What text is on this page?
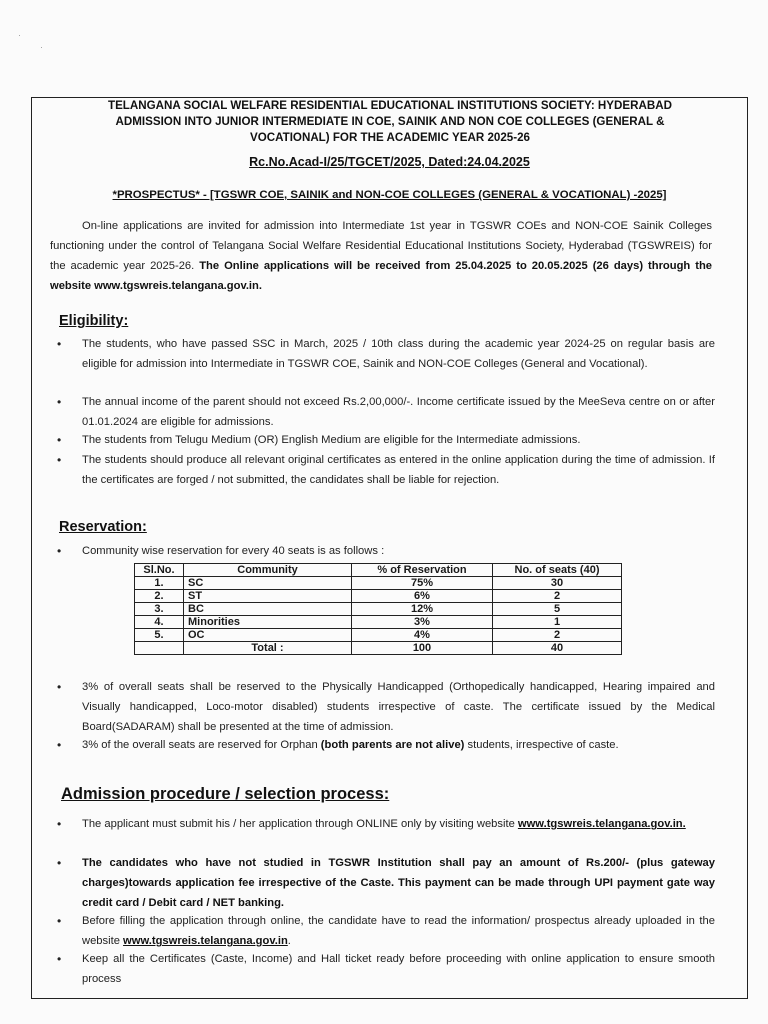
·
·
TELANGANA SOCIAL WELFARE RESIDENTIAL EDUCATIONAL INSTITUTIONS SOCIETY: HYDERABAD
ADMISSION INTO JUNIOR INTERMEDIATE IN COE, SAINIK AND NON COE COLLEGES (GENERAL &
VOCATIONAL) FOR THE ACADEMIC YEAR 2025-26
Rc.No.Acad-I/25/TGCET/2025, Dated:24.04.2025
*PROSPECTUS* - [TGSWR COE, SAINIK and NON-COE COLLEGES (GENERAL & VOCATIONAL) -2025]
On-line applications are invited for admission into Intermediate 1st year in TGSWR COEs and NON-COE Sainik Colleges functioning under the control of Telangana Social Welfare Residential Educational Institutions Society, Hyderabad (TGSWREIS) for the academic year 2025-26. The Online applications will be received from 25.04.2025 to 20.05.2025 (26 days) through the website www.tgswreis.telangana.gov.in.
Eligibility:
• The students, who have passed SSC in March, 2025 / 10th class during the academic year 2024-25 on regular basis are eligible for admission into Intermediate in TGSWR COE, Sainik and NON-COE Colleges (General and Vocational).
• The annual income of the parent should not exceed Rs.2,00,000/-. Income certificate issued by the MeeSeva centre on or after 01.01.2024 are eligible for admissions.
• The students from Telugu Medium (OR) English Medium are eligible for the Intermediate admissions.
• The students should produce all relevant original certificates as entered in the online application during the time of admission. If the certificates are forged / not submitted, the candidates shall be liable for rejection.
Reservation:
• Community wise reservation for every 40 seats is as follows :
Sl.No.	Community	% of Reservation	No. of seats (40)
1.	SC	75%	30
2.	ST	6%	2
3.	BC	12%	5
4.	Minorities	3%	1
5.	OC	4%	2
	Total :	100	40
• 3% of overall seats shall be reserved to the Physically Handicapped (Orthopedically handicapped, Hearing impaired and Visually handicapped, Loco-motor disabled) students irrespective of caste. The certificate issued by the Medical Board(SADARAM) shall be presented at the time of admission.
• 3% of the overall seats are reserved for Orphan (both parents are not alive) students, irrespective of caste.
Admission procedure / selection process:
• The applicant must submit his / her application through ONLINE only by visiting website www.tgswreis.telangana.gov.in.
• The candidates who have not studied in TGSWR Institution shall pay an amount of Rs.200/- (plus gateway charges)towards application fee irrespective of the Caste. This payment can be made through UPI payment gate way credit card / Debit card / NET banking.
• Before filling the application through online, the candidate have to read the information/ prospectus already uploaded in the website www.tgswreis.telangana.gov.in.
• Keep all the Certificates (Caste, Income) and Hall ticket ready before proceeding with online application to ensure smooth process
